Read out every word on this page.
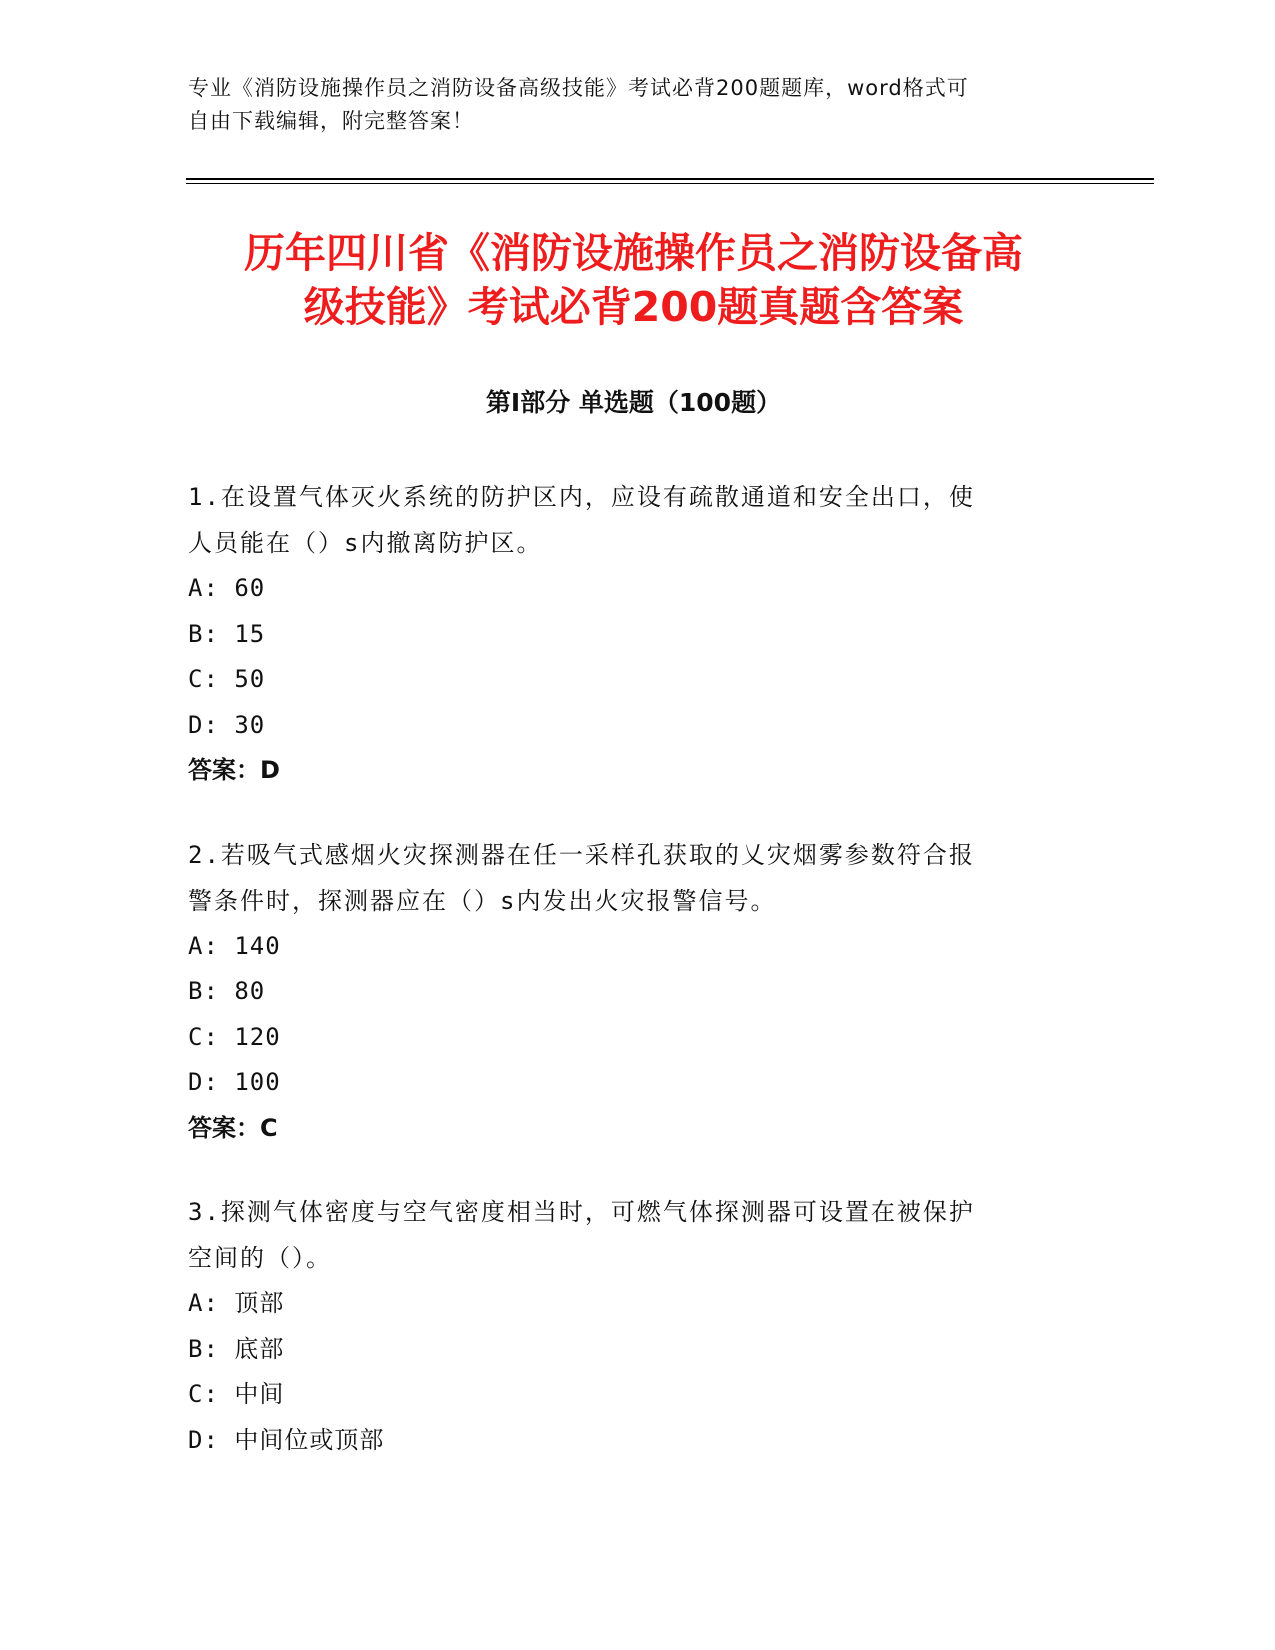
专业《消防设施操作员之消防设备高级技能》考试必背200题题库，word格式可
自由下载编辑，附完整答案！
历年四川省《消防设施操作员之消防设备高
级技能》考试必背200题真题含答案
第Ⅰ部分 单选题（100题）
1.在设置气体灭火系统的防护区内，应设有疏散通道和安全出口，使
人员能在（）s内撤离防护区。
A: 60
B: 15
C: 50
D: 30
答案：D
2.若吸气式感烟火灾探测器在任一采样孔获取的乂灾烟雾参数符合报
警条件时，探测器应在（）s内发出火灾报警信号。
A: 140
B: 80
C: 120
D: 100
答案：C
3.探测气体密度与空气密度相当时，可燃气体探测器可设置在被保护
空间的（）。
A: 顶部
B: 底部
C: 中间
D: 中间位或顶部
